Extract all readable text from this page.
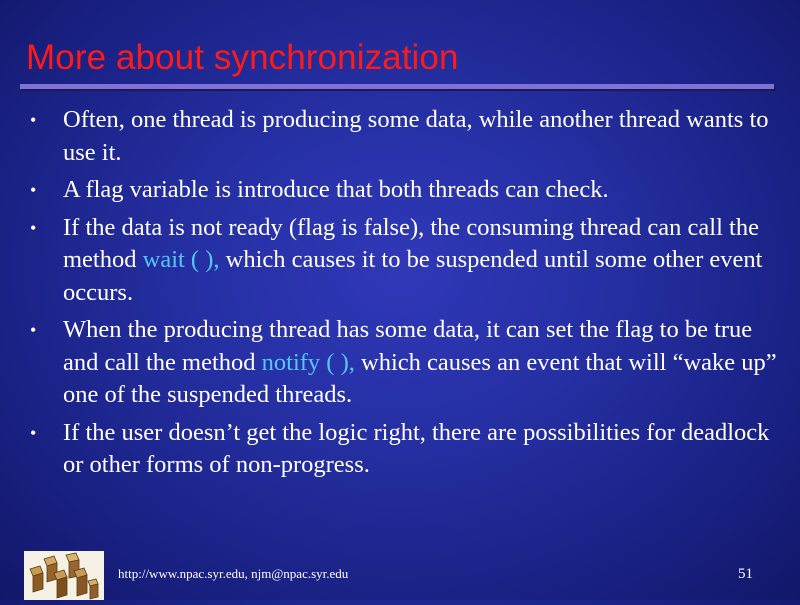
More about synchronization
• Often, one thread is producing some data, while another thread wants to use it.
• A flag variable is introduce that both threads can check.
• If the data is not ready (flag is false), the consuming thread can call the method wait ( ), which causes it to be suspended until some other event occurs.
• When the producing thread has some data, it can set the flag to be true and call the method notify ( ), which causes an event that will “wake up” one of the suspended threads.
• If the user doesn’t get the logic right, there are possibilities for deadlock or other forms of non-progress.
http://www.npac.syr.edu, njm@npac.syr.edu	51
